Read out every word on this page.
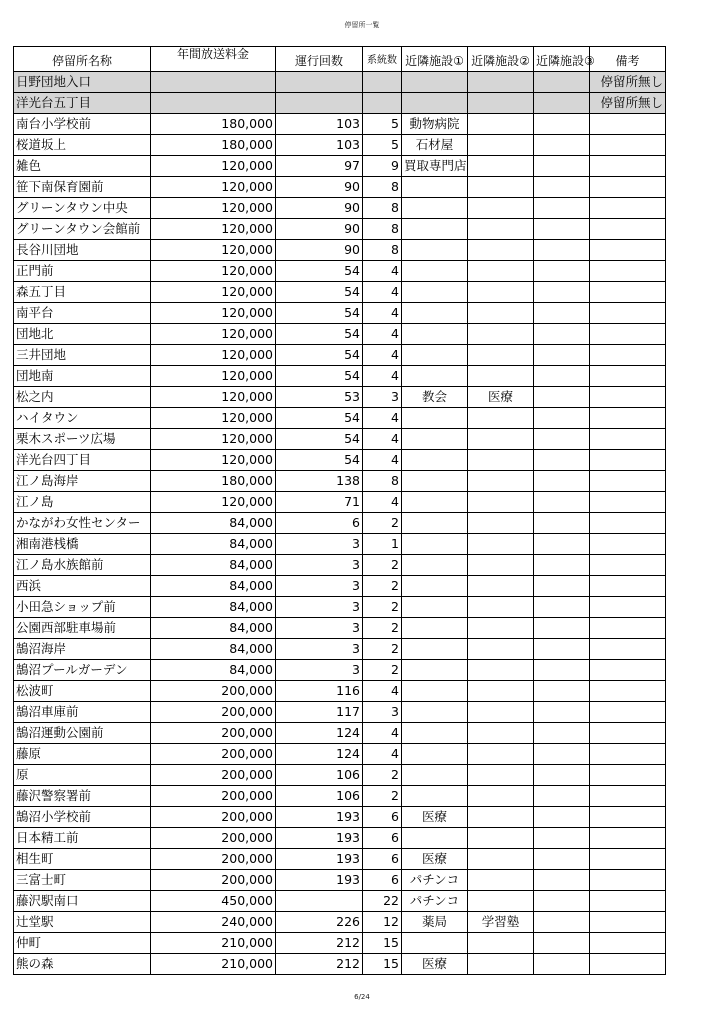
停留所一覧
停留所名称	年間放送料金	運行回数	系統数	近隣施設①	近隣施設②	近隣施設③	備考

日野団地入口							停留所無し
洋光台五丁目							停留所無し
南台小学校前	180,000	103	5	動物病院			
桜道坂上	180,000	103	5	石材屋			
雑色	120,000	97	9	買取専門店			
笹下南保育園前	120,000	90	8				
グリーンタウン中央	120,000	90	8				
グリーンタウン会館前	120,000	90	8				
長谷川団地	120,000	90	8				
正門前	120,000	54	4				
森五丁目	120,000	54	4				
南平台	120,000	54	4				
団地北	120,000	54	4				
三井団地	120,000	54	4				
団地南	120,000	54	4				
松之内	120,000	53	3	教会	医療		
ハイタウン	120,000	54	4				
栗木スポーツ広場	120,000	54	4				
洋光台四丁目	120,000	54	4				
江ノ島海岸	180,000	138	8				
江ノ島	120,000	71	4				
かながわ女性センター	84,000	6	2				
湘南港桟橋	84,000	3	1				
江ノ島水族館前	84,000	3	2				
西浜	84,000	3	2				
小田急ショップ前	84,000	3	2				
公園西部駐車場前	84,000	3	2				
鵠沼海岸	84,000	3	2				
鵠沼プールガーデン	84,000	3	2				
松波町	200,000	116	4				
鵠沼車庫前	200,000	117	3				
鵠沼運動公園前	200,000	124	4				
藤原	200,000	124	4				
原	200,000	106	2				
藤沢警察署前	200,000	106	2				
鵠沼小学校前	200,000	193	6	医療			
日本精工前	200,000	193	6				
相生町	200,000	193	6	医療			
三富士町	200,000	193	6	パチンコ			
藤沢駅南口	450,000		22	パチンコ			
辻堂駅	240,000	226	12	薬局	学習塾		
仲町	210,000	212	15				
熊の森	210,000	212	15	医療			
6/24
